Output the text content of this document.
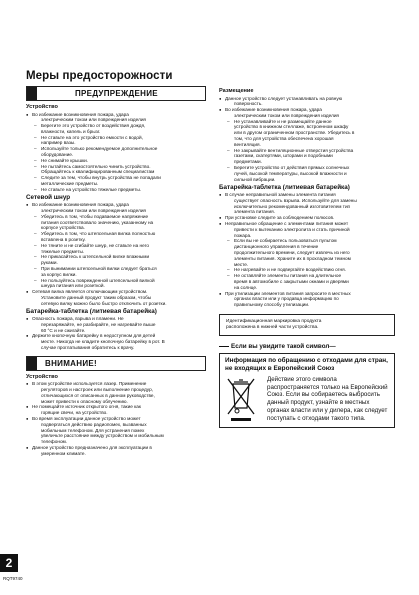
Меры предосторожности
ПРЕДУПРЕЖДЕНИЕ
Устройство
● Во избежание возникновения пожара, удара
электрическим током или повреждения изделия
– Берегите это устройство от воздействия дождя,
влажности, капель и брызг.
– Не ставьте на это устройство емкости с водой,
например вазы.
– Используйте только рекомендуемое дополнительное
оборудование.
– Не снимайте крышки.
– Не пытайтесь самостоятельно чинить устройство.
Обращайтесь к квалифицированным специалистам
– Следите за тем, чтобы внутрь устройства не попадали
металлические предметы.
– Не ставьте на устройство тяжелые предметы.
Сетевой шнур
● Во избежание возникновения пожара, удара
электрическим током или повреждения изделия
– Убедитесь в том, чтобы подаваемое напряжение
питания соответствовало значению, указанному на
корпусе устройства.
– Убедитесь в том, что штепсельная вилка полностью
вставлена в розетку.
– Не тяните и не сгибайте шнур, не ставьте на него
тяжелые предметы.
– Не прикасайтесь к штепсельной вилке влажными
руками.
– При вынимании штепсельной вилки следует браться
за корпус вилки.
– Не пользуйтесь поврежденной штепсельной вилкой
шнура питания или розеткой.
● Сетевая вилка является отключающим устройством.
Установите данный продукт таким образом, чтобы
сетевую вилку можно было быстро отключить от розетки.
Батарейка-таблетка (литиевая батарейка)
● Опасность пожара, взрыва и пламени. Не
перезаряжайте, не разбирайте, не нагревайте выше
60 °C и не сжигайте.
● Держите кнопочную батарейку в недоступном для детей
месте. Никогда не кладите кнопочную батарейку в рот. В
случае проглатывания обратитесь к врачу.
ВНИМАНИЕ!
Устройство
● В этом устройстве используется лазер. Применение
регуляторов и настроек или выполнение процедур,
отличающихся от описанных в данном руководстве,
может привести к опасному облучению.
● Не помещайте источник открытого огня, такие как
горящие свечи, на устройство.
● Во время эксплуатации данное устройство может
подвергаться действию радиопомех, вызванных
мобильным телефоном. Для устранения помех
увеличьте расстояние между устройством и мобильным
телефоном.
● Данное устройство предназначено для эксплуатации в
умеренном климате.
Размещение
● Данное устройство следует устанавливать на ровную
поверхность.
● Во избежание возникновения пожара, удара
электрическим током или повреждения изделия
– Не устанавливайте и не размещайте данное
устройство в книжном стеллаже, встроенном шкафу
или в другом ограниченном пространстве. Убедитесь в
том, что для устройства обеспечена хорошая
вентиляция.
– Не закрывайте вентиляционные отверстия устройства
газетами, скатертями, шторами и подобными
предметами.
– Берегите устройство от действия прямых солнечных
лучей, высокой температуры, высокой влажности и
сильной вибрации.
Батарейка-таблетка (литиевая батарейка)
● В случае неправильной замены элемента питания
существует опасность взрыва. Используйте для замены
исключительно рекомендованный изготовителем тип
элемента питания.
● При установке следите за соблюдением полюсов.
● Неправильное обращение с элементами питания может
привести к вытеканию электролита и стать причиной
пожара.
– Если вы не собираетесь пользоваться пультом
дистанционного управления в течение
продолжительного времени, следует извлечь из него
элементы питания. Храните их в прохладном темном
месте.
– Не нагревайте и не подвергайте воздействию огня.
– Не оставляйте элементы питания на длительное
время в автомобиле с закрытыми окнами и дверями
на солнце.
● При утилизации элементов питания запросите в местных
органах власти или у продавца информацию по
правильному способу утилизации.
Идентификационная маркировка продукта
расположена в нижней части устройства.
Если вы увидите такой символ—
Информация по обращению с отходами для стран, не входящих в Европейский Союз
Действие этого символа распространяется только на Европейский Союз. Если вы собираетесь выбросить данный продукт, узнайте в местных органах власти или у дилера, как следует поступать с отходами такого типа.
2
RQT9740
